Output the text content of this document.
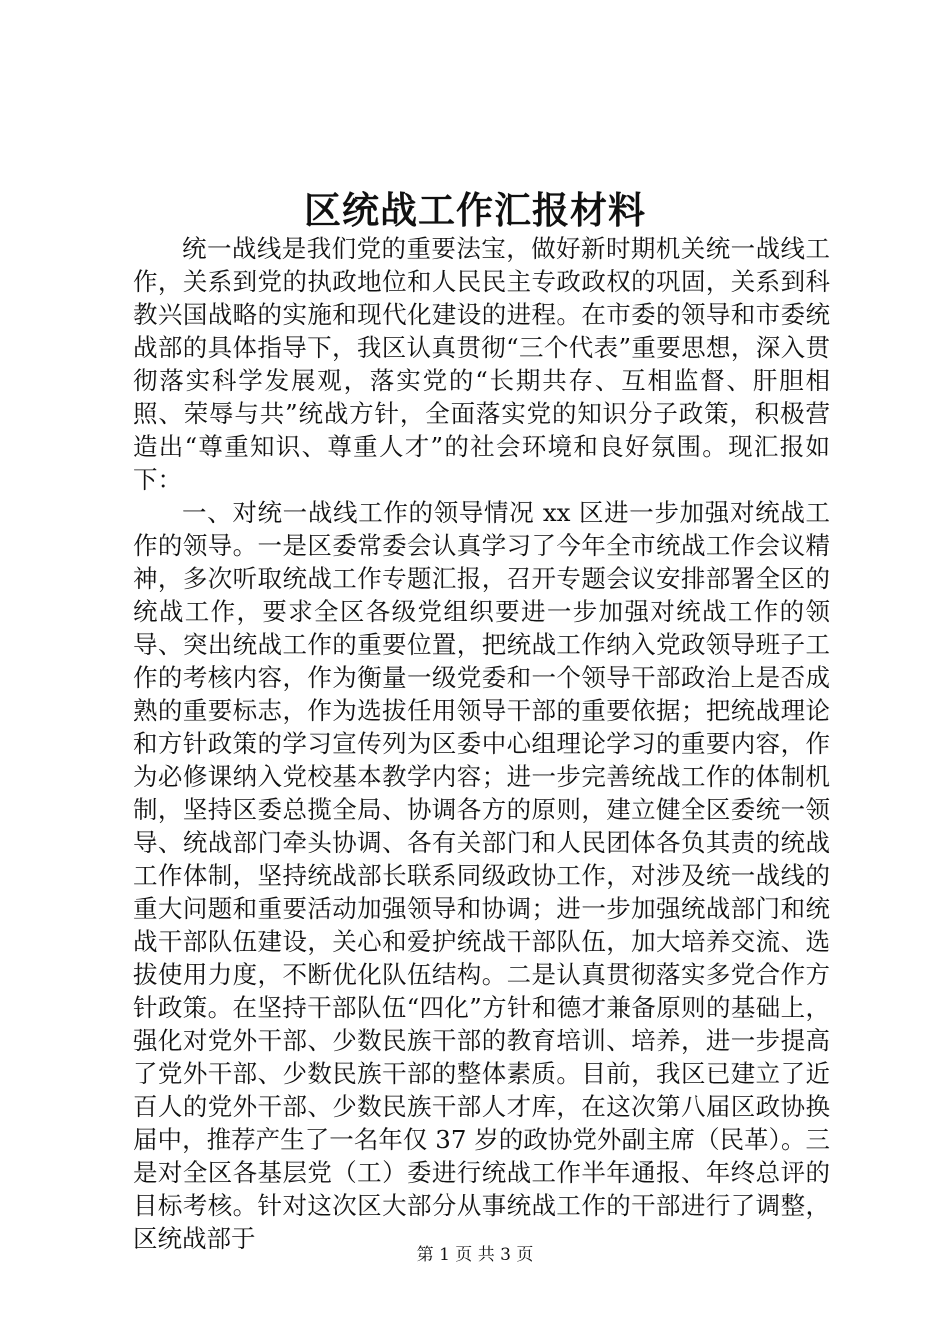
区统战工作汇报材料

统一战线是我们党的重要法宝，做好新时期机关统一战线工作，关系到党的执政地位和人民民主专政政权的巩固，关系到科教兴国战略的实施和现代化建设的进程。在市委的领导和市委统战部的具体指导下，我区认真贯彻“三个代表”重要思想，深入贯彻落实科学发展观，落实党的“长期共存、互相监督、肝胆相照、荣辱与共”统战方针，全面落实党的知识分子政策，积极营造出“尊重知识、尊重人才”的社会环境和良好氛围。现汇报如下：

一、对统一战线工作的领导情况 xx 区进一步加强对统战工作的领导。一是区委常委会认真学习了今年全市统战工作会议精神，多次听取统战工作专题汇报，召开专题会议安排部署全区的统战工作，要求全区各级党组织要进一步加强对统战工作的领导、突出统战工作的重要位置，把统战工作纳入党政领导班子工作的考核内容，作为衡量一级党委和一个领导干部政治上是否成熟的重要标志，作为选拔任用领导干部的重要依据；把统战理论和方针政策的学习宣传列为区委中心组理论学习的重要内容，作为必修课纳入党校基本教学内容；进一步完善统战工作的体制机制，坚持区委总揽全局、协调各方的原则，建立健全区委统一领导、统战部门牵头协调、各有关部门和人民团体各负其责的统战工作体制，坚持统战部长联系同级政协工作，对涉及统一战线的重大问题和重要活动加强领导和协调；进一步加强统战部门和统战干部队伍建设，关心和爱护统战干部队伍，加大培养交流、选拔使用力度，不断优化队伍结构。二是认真贯彻落实多党合作方针政策。在坚持干部队伍“四化”方针和德才兼备原则的基础上，强化对党外干部、少数民族干部的教育培训、培养，进一步提高了党外干部、少数民族干部的整体素质。目前，我区已建立了近百人的党外干部、少数民族干部人才库，在这次第八届区政协换届中，推荐产生了一名年仅 37 岁的政协党外副主席（民革）。三是对全区各基层党（工）委进行统战工作半年通报、年终总评的目标考核。针对这次区大部分从事统战工作的干部进行了调整，区统战部于

第 1 页 共 3 页
